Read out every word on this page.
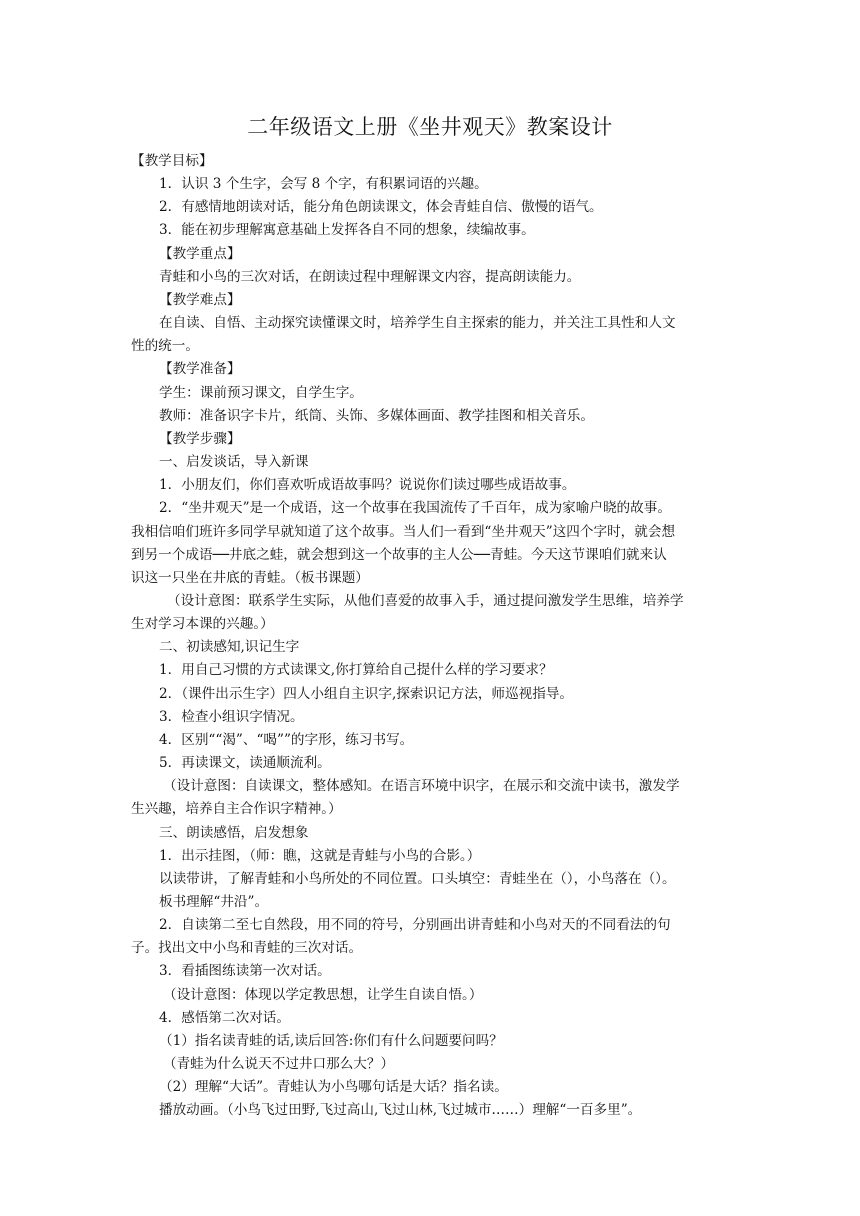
二年级语文上册《坐井观天》教案设计
【教学目标】
1．认识 3 个生字，会写 8 个字，有积累词语的兴趣。
2．有感情地朗读对话，能分角色朗读课文，体会青蛙自信、傲慢的语气。
3．能在初步理解寓意基础上发挥各自不同的想象，续编故事。
【教学重点】
青蛙和小鸟的三次对话，在朗读过程中理解课文内容，提高朗读能力。
【教学难点】
在自读、自悟、主动探究读懂课文时，培养学生自主探索的能力，并关注工具性和人文
性的统一。
【教学准备】
学生：课前预习课文，自学生字。
教师：准备识字卡片，纸筒、头饰、多媒体画面、教学挂图和相关音乐。
【教学步骤】
一、启发谈话，导入新课
1．小朋友们，你们喜欢听成语故事吗？说说你们读过哪些成语故事。
2．“坐井观天”是一个成语，这一个故事在我国流传了千百年，成为家喻户晓的故事。
我相信咱们班许多同学早就知道了这个故事。当人们一看到“坐井观天”这四个字时，就会想
到另一个成语──井底之蛙，就会想到这一个故事的主人公──青蛙。今天这节课咱们就来认
识这一只坐在井底的青蛙。（板书课题）
（设计意图：联系学生实际，从他们喜爱的故事入手，通过提问激发学生思维，培养学
生对学习本课的兴趣。）
二、初读感知,识记生字
1．用自己习惯的方式读课文,你打算给自己提什么样的学习要求？
2．（课件出示生字）四人小组自主识字,探索识记方法，师巡视指导。
3．检查小组识字情况。
4．区别““渴”、“喝””的字形，练习书写。
5．再读课文，读通顺流利。
（设计意图：自读课文，整体感知。在语言环境中识字，在展示和交流中读书，激发学
生兴趣，培养自主合作识字精神。）
三、朗读感悟，启发想象
1．出示挂图，（师：瞧，这就是青蛙与小鸟的合影。）
以读带讲，了解青蛙和小鸟所处的不同位置。口头填空：青蛙坐在（），小鸟落在（）。
板书理解“井沿”。
2．自读第二至七自然段，用不同的符号，分别画出讲青蛙和小鸟对天的不同看法的句
子。找出文中小鸟和青蛙的三次对话。
3．看插图练读第一次对话。
（设计意图：体现以学定教思想，让学生自读自悟。）
4．感悟第二次对话。
（1）指名读青蛙的话,读后回答:你们有什么问题要问吗？
（青蛙为什么说天不过井口那么大？）
（2）理解“大话”。青蛙认为小鸟哪句话是大话？指名读。
播放动画。（小鸟飞过田野,飞过高山,飞过山林,飞过城市……）理解“一百多里”。
